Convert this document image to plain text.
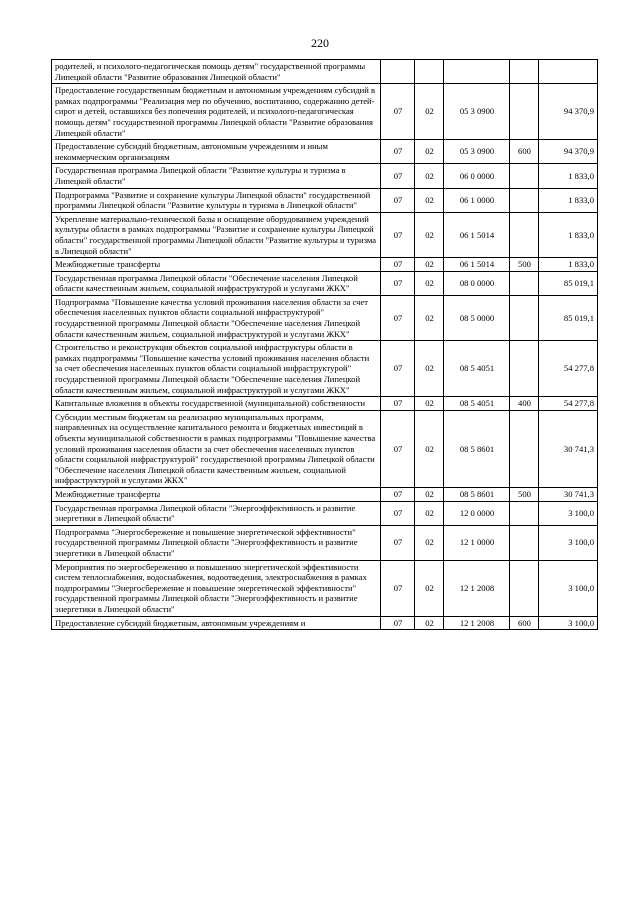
220
родителей, и психолого-педагогическая помощь детям" государственной программы Липецкой области "Развитие образования Липецкой области"					
Предоставление государственным бюджетным и автономным учреждениям субсидий в рамках подпрограммы "Реализация мер по обучению, воспитанию, содержанию детей-сирот и детей, оставшихся без попечения родителей, и психолого-педагогическая помощь детям" государственной программы Липецкой области "Развитие образования Липецкой области"	07	02	05 3 0900		94 370,9
Предоставление субсидий бюджетным, автономным учреждениям и иным некоммерческим организациям	07	02	05 3 0900	600	94 370,9
Государственная программа Липецкой области "Развитие культуры и туризма в Липецкой области"	07	02	06 0 0000		1 833,0
Подпрограмма "Развитие и сохранение культуры Липецкой области" государственной программы Липецкой области "Развитие культуры и туризма в Липецкой области"	07	02	06 1 0000		1 833,0
Укрепление материально-технической базы и оснащение оборудованием учреждений культуры области в рамках подпрограммы "Развитие и сохранение культуры Липецкой области" государственной программы Липецкой области "Развитие культуры и туризма в Липецкой области"	07	02	06 1 5014		1 833,0
Межбюджетные трансферты	07	02	06 1 5014	500	1 833,0
Государственная программа Липецкой области "Обеспечение населения Липецкой области качественным жильем, социальной инфраструктурой и услугами ЖКХ"	07	02	08 0 0000		85 019,1
Подпрограмма "Повышение качества условий проживания населения области за счет обеспечения населенных пунктов области социальной инфраструктурой" государственной программы Липецкой области "Обеспечение населения Липецкой области качественным жильем, социальной инфраструктурой и услугами ЖКХ"	07	02	08 5 0000		85 019,1
Строительство и реконструкция объектов социальной инфраструктуры области в рамках подпрограммы "Повышение качества условий проживания населения области за счет обеспечения населенных пунктов области социальной инфраструктурой" государственной программы Липецкой области "Обеспечение населения Липецкой области качественным жильем, социальной инфраструктурой и услугами ЖКХ"	07	02	08 5 4051		54 277,8
Капитальные вложения в объекты государственной (муниципальной) собственности	07	02	08 5 4051	400	54 277,8
Субсидии местным бюджетам на реализацию муниципальных программ, направленных на осуществление капитального ремонта и бюджетных инвестиций в объекты муниципальной собственности в рамках подпрограммы "Повышение качества условий проживания населения области за счет обеспечения населенных пунктов области социальной инфраструктурой" государственной программы Липецкой области "Обеспечение населения Липецкой области качественным жильем, социальной инфраструктурой и услугами ЖКХ"	07	02	08 5 8601		30 741,3
Межбюджетные трансферты	07	02	08 5 8601	500	30 741,3
Государственная программа Липецкой области "Энергоэффективность и развитие энергетики в Липецкой области"	07	02	12 0 0000		3 100,0
Подпрограмма "Энергосбережение и повышение энергетической эффективности" государственной программы Липецкой области "Энергоэффективность и развитие энергетики в Липецкой области"	07	02	12 1 0000		3 100,0
Мероприятия по энергосбережению и повышению энергетической эффективности систем теплоснабжения, водоснабжения, водоотведения, электроснабжения в рамках подпрограммы "Энергосбережение и повышение энергетической эффективности" государственной программы Липецкой области "Энергоэффективность и развитие энергетики в Липецкой области"	07	02	12 1 2008		3 100,0
Предоставление субсидий бюджетным, автономным учреждениям и	07	02	12 1 2008	600	3 100,0
